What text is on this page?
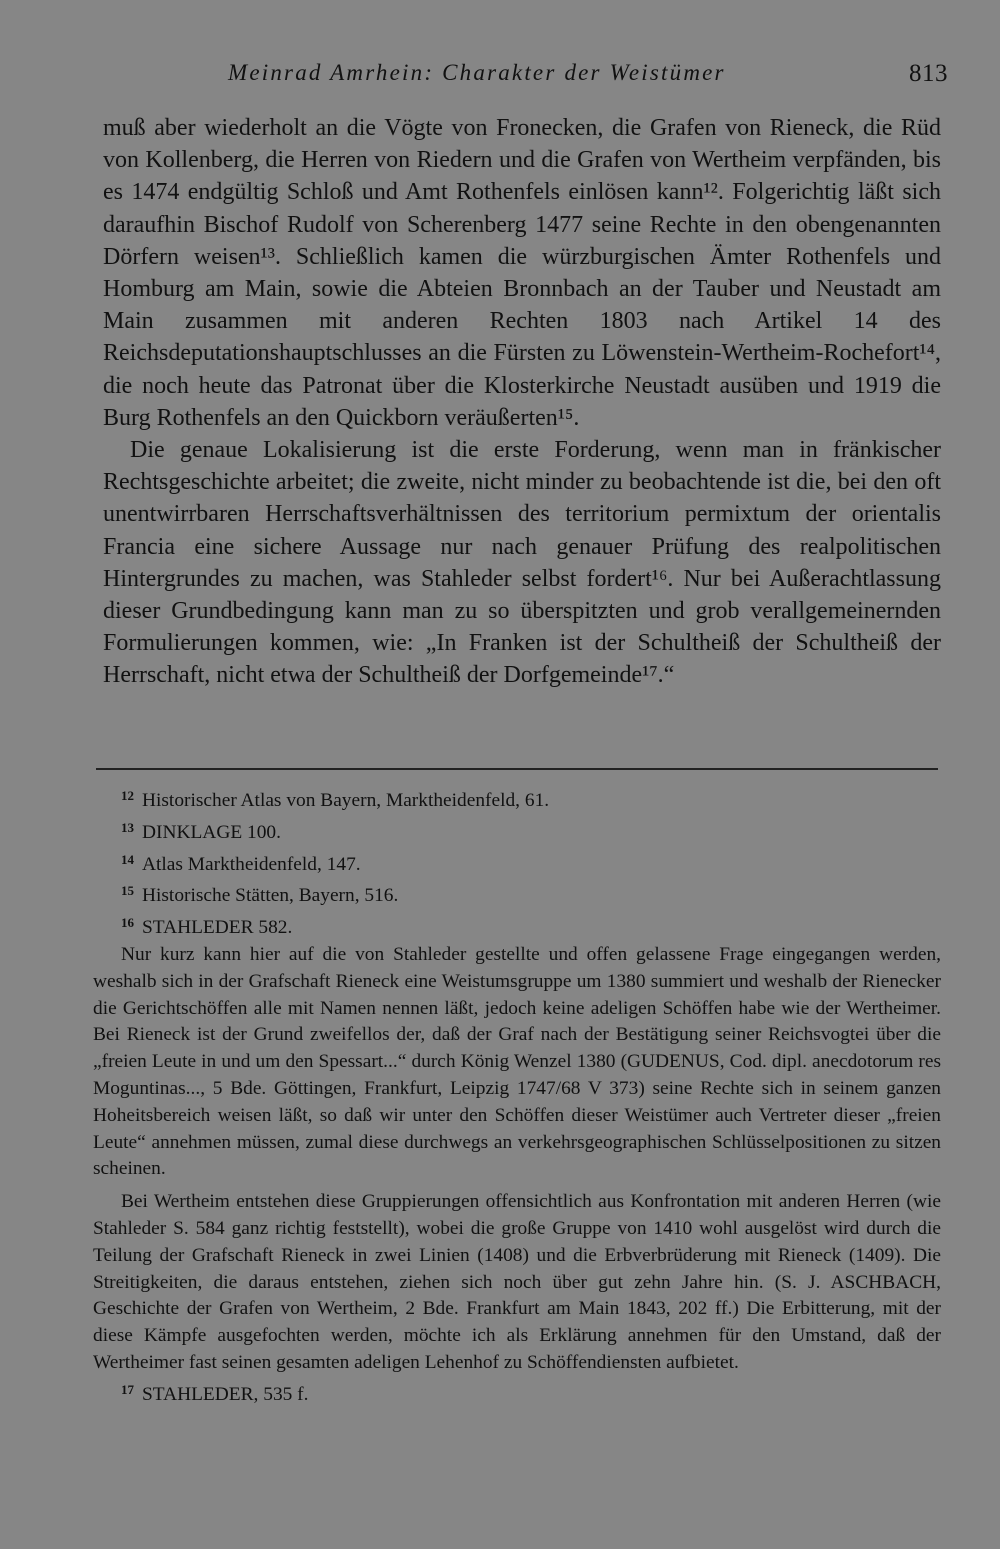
Meinrad Amrhein: Charakter der Weistümer	813

muß aber wiederholt an die Vögte von Fronecken, die Grafen von Rieneck, die Rüd von Kollenberg, die Herren von Riedern und die Grafen von Wertheim verpfänden, bis es 1474 endgültig Schloß und Amt Rothenfels einlösen kann¹². Folgerichtig läßt sich daraufhin Bischof Rudolf von Scherenberg 1477 seine Rechte in den obengenannten Dörfern weisen¹³. Schließlich kamen die würzburgischen Ämter Rothenfels und Homburg am Main, sowie die Abteien Bronnbach an der Tauber und Neustadt am Main zusammen mit anderen Rechten 1803 nach Artikel 14 des Reichsdeputationshauptschlusses an die Fürsten zu Löwenstein-Wertheim-Rochefort¹⁴, die noch heute das Patronat über die Klosterkirche Neustadt ausüben und 1919 die Burg Rothenfels an den Quickborn veräußerten¹⁵.

Die genaue Lokalisierung ist die erste Forderung, wenn man in fränkischer Rechtsgeschichte arbeitet; die zweite, nicht minder zu beobachtende ist die, bei den oft unentwirrbaren Herrschaftsverhältnissen des territorium permixtum der orientalis Francia eine sichere Aussage nur nach genauer Prüfung des realpolitischen Hintergrundes zu machen, was Stahleder selbst fordert¹⁶. Nur bei Außerachtlassung dieser Grundbedingung kann man zu so überspitzten und grob verallgemeinernden Formulierungen kommen, wie: „In Franken ist der Schultheiß der Schultheiß der Herrschaft, nicht etwa der Schultheiß der Dorfgemeinde¹⁷.“

$^{12}$ Historischer Atlas von Bayern, Marktheidenfeld, 61.

$^{13}$ DINKLAGE 100.

$^{14}$ Atlas Marktheidenfeld, 147.

$^{15}$ Historische Stätten, Bayern, 516.

$^{16}$ STAHLEDER 582.

Nur kurz kann hier auf die von Stahleder gestellte und offen gelassene Frage eingegangen werden, weshalb sich in der Grafschaft Rieneck eine Weistumsgruppe um 1380 summiert und weshalb der Rienecker die Gerichtschöffen alle mit Namen nennen läßt, jedoch keine adeligen Schöffen habe wie der Wertheimer. Bei Rieneck ist der Grund zweifellos der, daß der Graf nach der Bestätigung seiner Reichsvogtei über die „freien Leute in und um den Spessart...“ durch König Wenzel 1380 (GUDENUS, Cod. dipl. anecdotorum res Moguntinas..., 5 Bde. Göttingen, Frankfurt, Leipzig 1747/68 V 373) seine Rechte sich in seinem ganzen Hoheitsbereich weisen läßt, so daß wir unter den Schöffen dieser Weistümer auch Vertreter dieser „freien Leute“ annehmen müssen, zumal diese durchwegs an verkehrsgeographischen Schlüsselpositionen zu sitzen scheinen.

Bei Wertheim entstehen diese Gruppierungen offensichtlich aus Konfrontation mit anderen Herren (wie Stahleder S. 584 ganz richtig feststellt), wobei die große Gruppe von 1410 wohl ausgelöst wird durch die Teilung der Grafschaft Rieneck in zwei Linien (1408) und die Erbverbrüderung mit Rieneck (1409). Die Streitigkeiten, die daraus entstehen, ziehen sich noch über gut zehn Jahre hin. (S. J. ASCHBACH, Geschichte der Grafen von Wertheim, 2 Bde. Frankfurt am Main 1843, 202 ff.) Die Erbitterung, mit der diese Kämpfe ausgefochten werden, möchte ich als Erklärung annehmen für den Umstand, daß der Wertheimer fast seinen gesamten adeligen Lehenhof zu Schöffendiensten aufbietet.

$^{17}$ STAHLEDER, 535 f.
